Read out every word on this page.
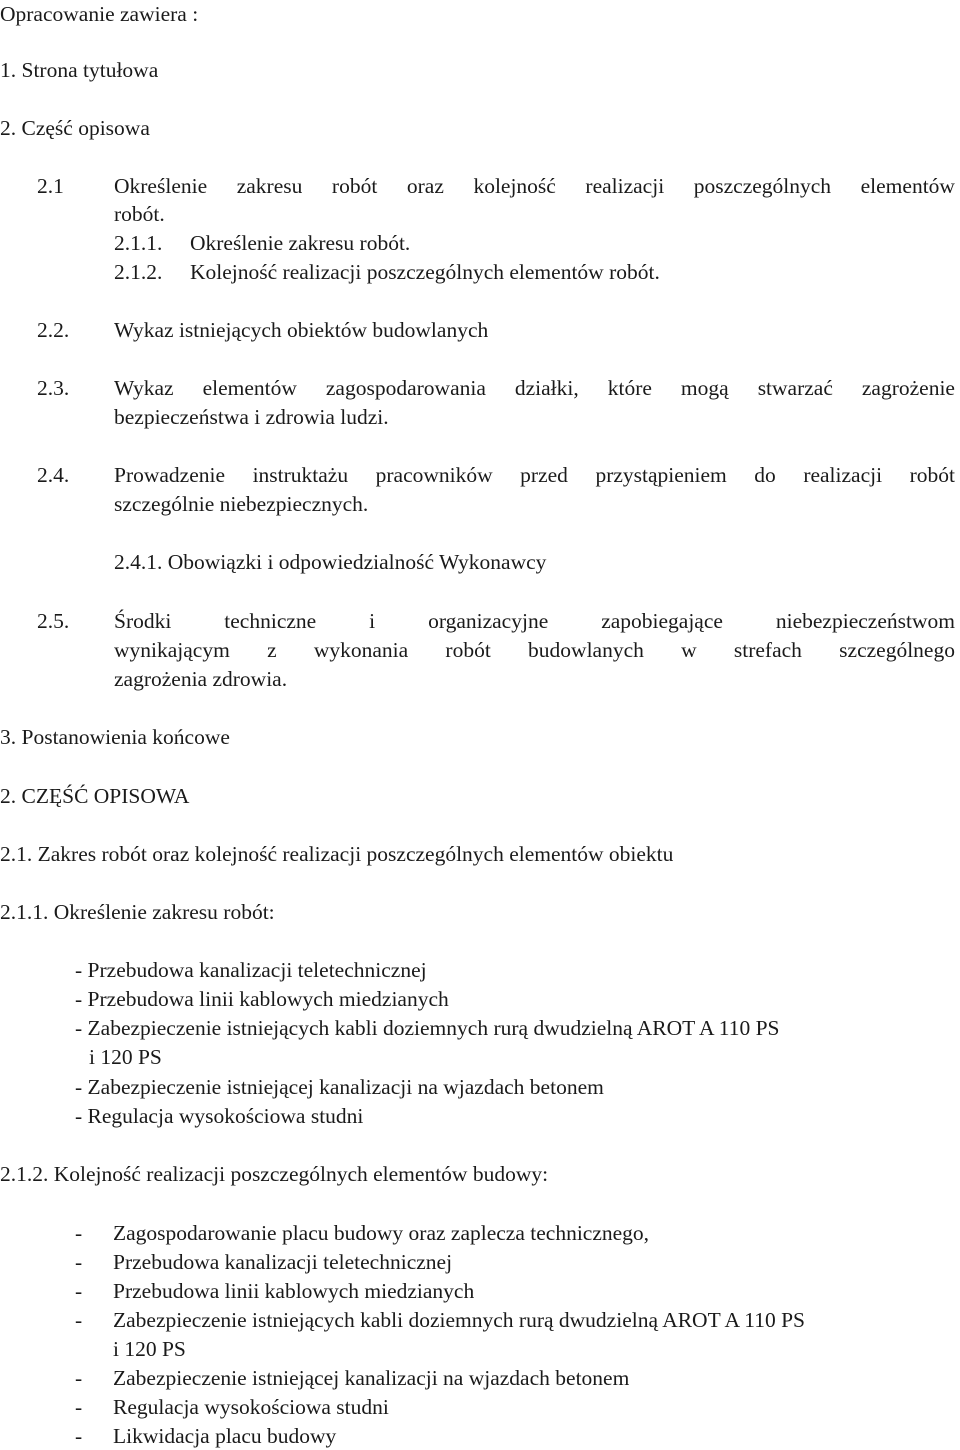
Opracowanie zawiera :
1. Strona tytułowa
2. Część opisowa
2.1 Określenie zakresu robót oraz kolejność realizacji poszczególnych elementów
robót.
2.1.1. Określenie zakresu robót.
2.1.2. Kolejność realizacji poszczególnych elementów robót.
2.2. Wykaz istniejących obiektów budowlanych
2.3. Wykaz elementów zagospodarowania działki, które mogą stwarzać zagrożenie
bezpieczeństwa i zdrowia ludzi.
2.4. Prowadzenie instruktażu pracowników przed przystąpieniem do realizacji robót
szczególnie niebezpiecznych.
2.4.1. Obowiązki i odpowiedzialność Wykonawcy
2.5. Środki techniczne i organizacyjne zapobiegające niebezpieczeństwom
wynikającym z wykonania robót budowlanych w strefach szczególnego
zagrożenia zdrowia.
3. Postanowienia końcowe
2. CZĘŚĆ OPISOWA
2.1. Zakres robót oraz kolejność realizacji poszczególnych elementów obiektu
2.1.1. Określenie zakresu robót:
- Przebudowa kanalizacji teletechnicznej
- Przebudowa linii kablowych miedzianych
- Zabezpieczenie istniejących kabli doziemnych rurą dwudzielną AROT A 110 PS
i 120 PS
- Zabezpieczenie istniejącej kanalizacji na wjazdach betonem
- Regulacja wysokościowa studni
2.1.2. Kolejność realizacji poszczególnych elementów budowy:
- Zagospodarowanie placu budowy oraz zaplecza technicznego,
- Przebudowa kanalizacji teletechnicznej
- Przebudowa linii kablowych miedzianych
- Zabezpieczenie istniejących kabli doziemnych rurą dwudzielną AROT A 110 PS
i 120 PS
- Zabezpieczenie istniejącej kanalizacji na wjazdach betonem
- Regulacja wysokościowa studni
- Likwidacja placu budowy
